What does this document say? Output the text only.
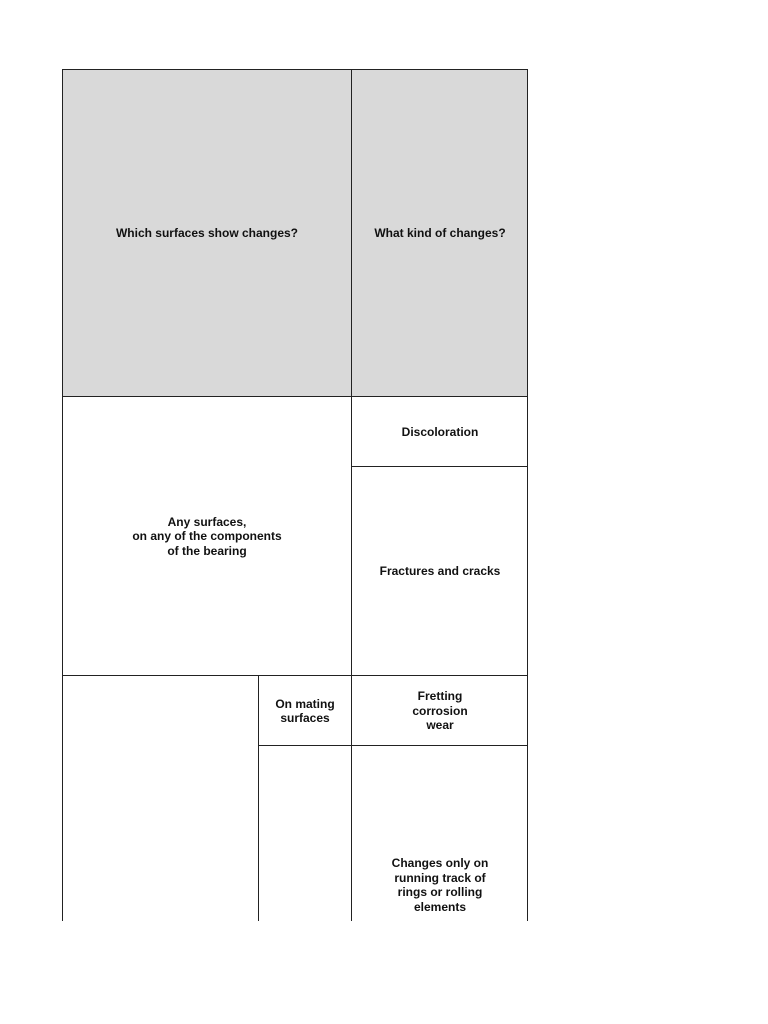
Which surfaces show changes?	What kind of changes?
Any surfaces,
on any of the components
of the bearing
Discoloration
Fractures and cracks
On mating
surfaces
Fretting
corrosion
wear
Changes only on
running track of
rings or rolling
elements
